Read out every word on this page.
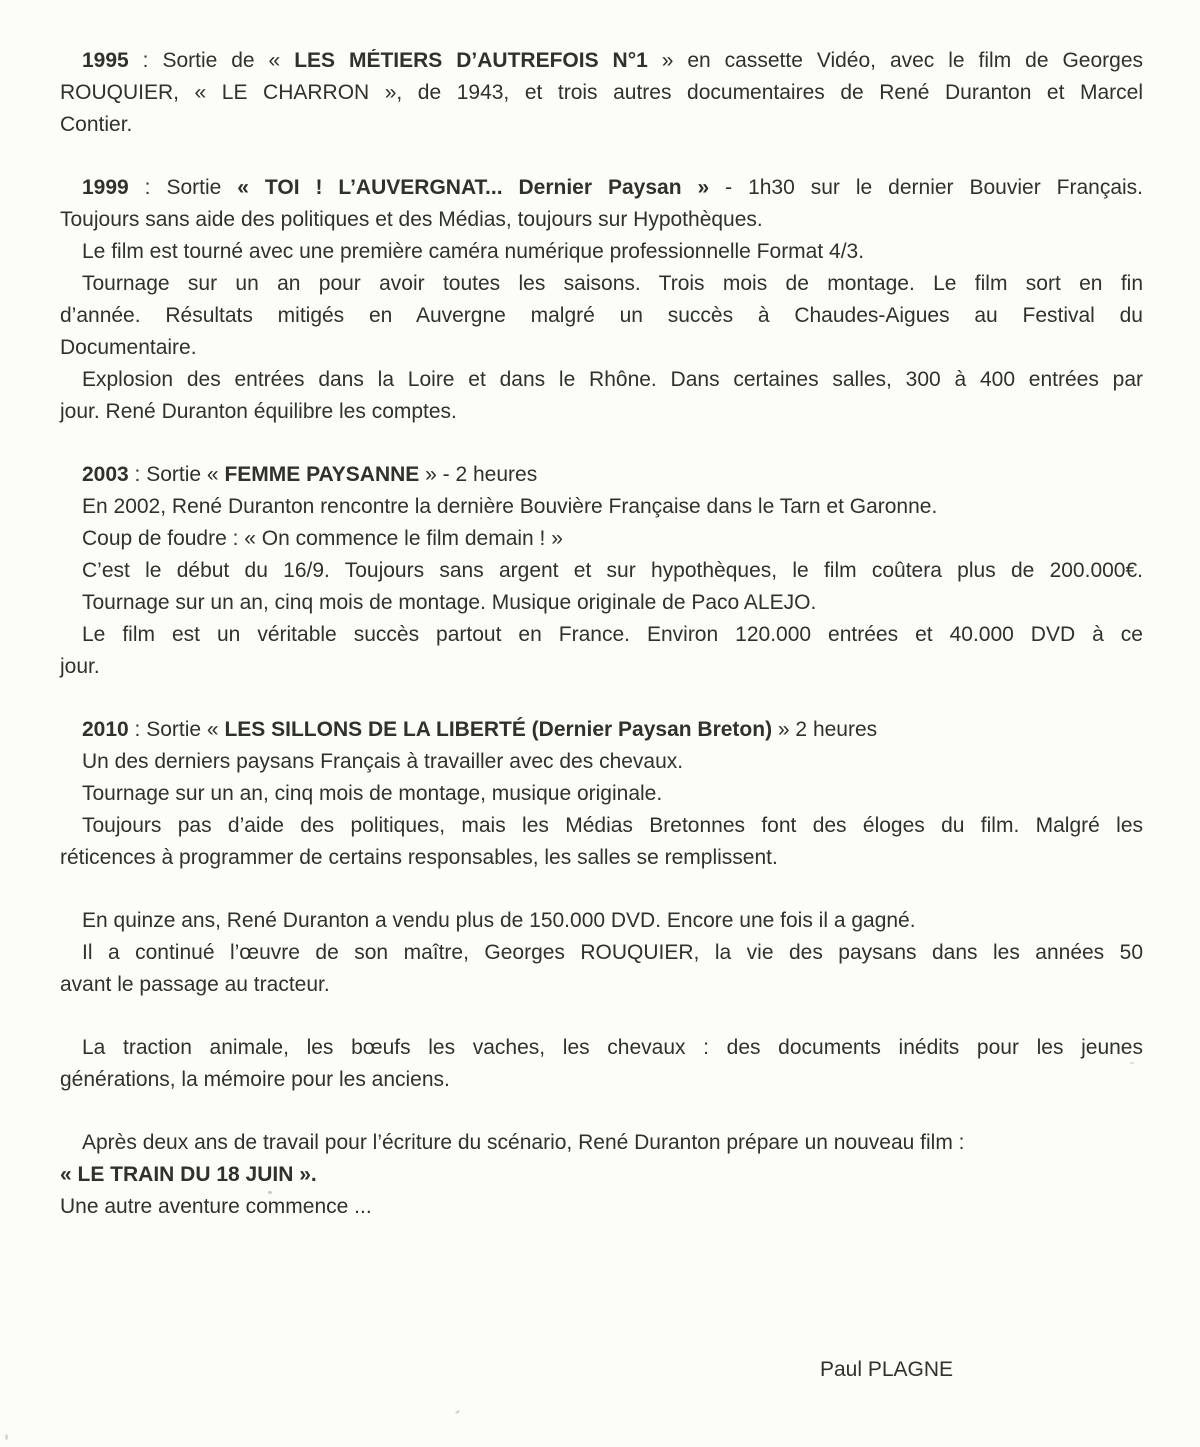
1995 : Sortie de « LES MÉTIERS D’AUTREFOIS N°1 » en cassette Vidéo, avec le film de Georges
ROUQUIER, « LE CHARRON », de 1943, et trois autres documentaires de René Duranton et Marcel
Contier.
1999 : Sortie « TOI ! L’AUVERGNAT... Dernier Paysan » - 1h30 sur le dernier Bouvier Français.
Toujours sans aide des politiques et des Médias, toujours sur Hypothèques.
Le film est tourné avec une première caméra numérique professionnelle Format 4/3.
Tournage sur un an pour avoir toutes les saisons. Trois mois de montage. Le film sort en fin
d’année. Résultats mitigés en Auvergne malgré un succès à Chaudes-Aigues au Festival du
Documentaire.
Explosion des entrées dans la Loire et dans le Rhône. Dans certaines salles, 300 à 400 entrées par
jour. René Duranton équilibre les comptes.
2003 : Sortie « FEMME PAYSANNE » - 2 heures
En 2002, René Duranton rencontre la dernière Bouvière Française dans le Tarn et Garonne.
Coup de foudre : « On commence le film demain ! »
C’est le début du 16/9. Toujours sans argent et sur hypothèques, le film coûtera plus de 200.000€.
Tournage sur un an, cinq mois de montage. Musique originale de Paco ALEJO.
Le film est un véritable succès partout en France. Environ 120.000 entrées et 40.000 DVD à ce
jour.
2010 : Sortie « LES SILLONS DE LA LIBERTÉ (Dernier Paysan Breton) » 2 heures
Un des derniers paysans Français à travailler avec des chevaux.
Tournage sur un an, cinq mois de montage, musique originale.
Toujours pas d’aide des politiques, mais les Médias Bretonnes font des éloges du film. Malgré les
réticences à programmer de certains responsables, les salles se remplissent.
En quinze ans, René Duranton a vendu plus de 150.000 DVD. Encore une fois il a gagné.
Il a continué l’œuvre de son maître, Georges ROUQUIER, la vie des paysans dans les années 50
avant le passage au tracteur.
La traction animale, les bœufs les vaches, les chevaux : des documents inédits pour les jeunes
générations, la mémoire pour les anciens.
Après deux ans de travail pour l’écriture du scénario, René Duranton prépare un nouveau film :
« LE TRAIN DU 18 JUIN ».
Une autre aventure commence ...
Paul PLAGNE
